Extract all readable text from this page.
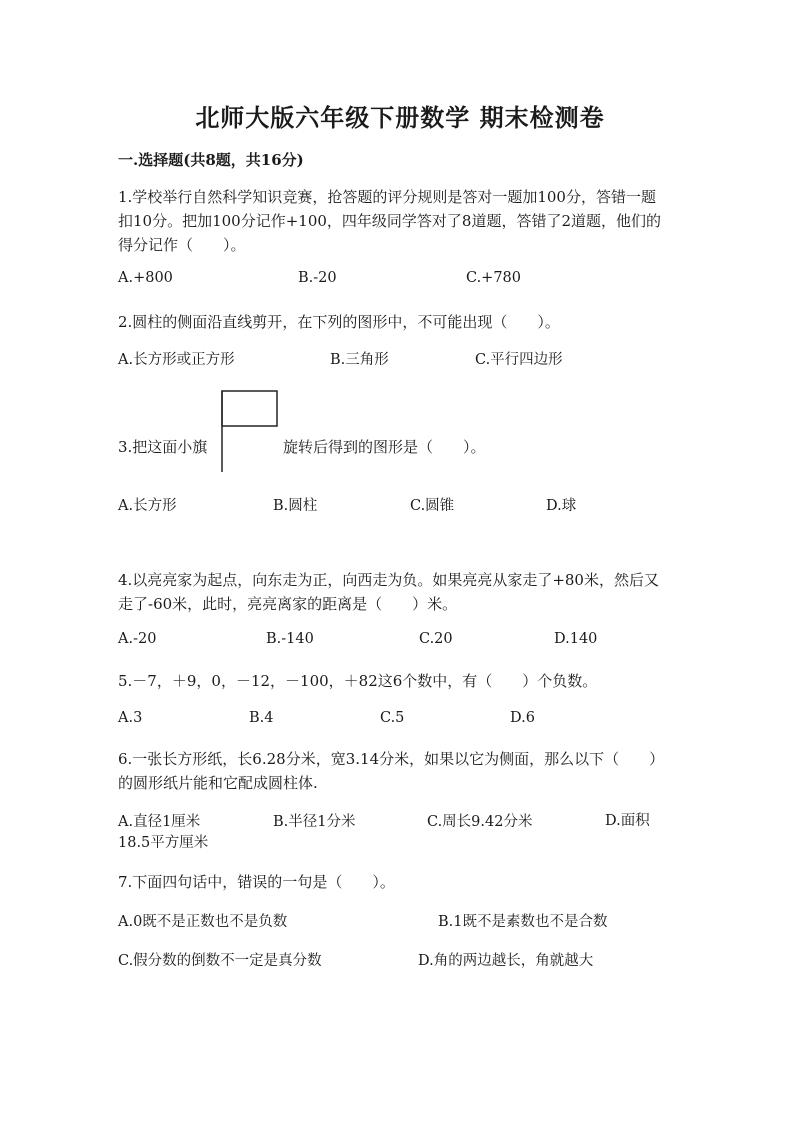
北师大版六年级下册数学 期末检测卷
一.选择题(共8题，共16分)
1.学校举行自然科学知识竞赛，抢答题的评分规则是答对一题加100分，答错一题扣10分。把加100分记作+100，四年级同学答对了8道题，答错了2道题，他们的得分记作（　　）。
A.+800	B.-20	C.+780
2.圆柱的侧面沿直线剪开，在下列的图形中，不可能出现（　　）。
A.长方形或正方形	B.三角形	C.平行四边形
3.把这面小旗	旋转后得到的图形是（　　）。
A.长方形	B.圆柱	C.圆锥	D.球
4.以亮亮家为起点，向东走为正，向西走为负。如果亮亮从家走了+80米，然后又走了-60米，此时，亮亮离家的距离是（　　）米。
A.-20	B.-140	C.20	D.140
5.－7，＋9，0，－12，－100，＋82这6个数中，有（　　）个负数。
A.3	B.4	C.5	D.6
6.一张长方形纸，长6.28分米，宽3.14分米，如果以它为侧面，那么以下（　　）的圆形纸片能和它配成圆柱体.
A.直径1厘米	B.半径1分米	C.周长9.42分米	D.面积18.5平方厘米
7.下面四句话中，错误的一句是（　　）。
A.0既不是正数也不是负数	B.1既不是素数也不是合数
C.假分数的倒数不一定是真分数	D.角的两边越长，角就越大
